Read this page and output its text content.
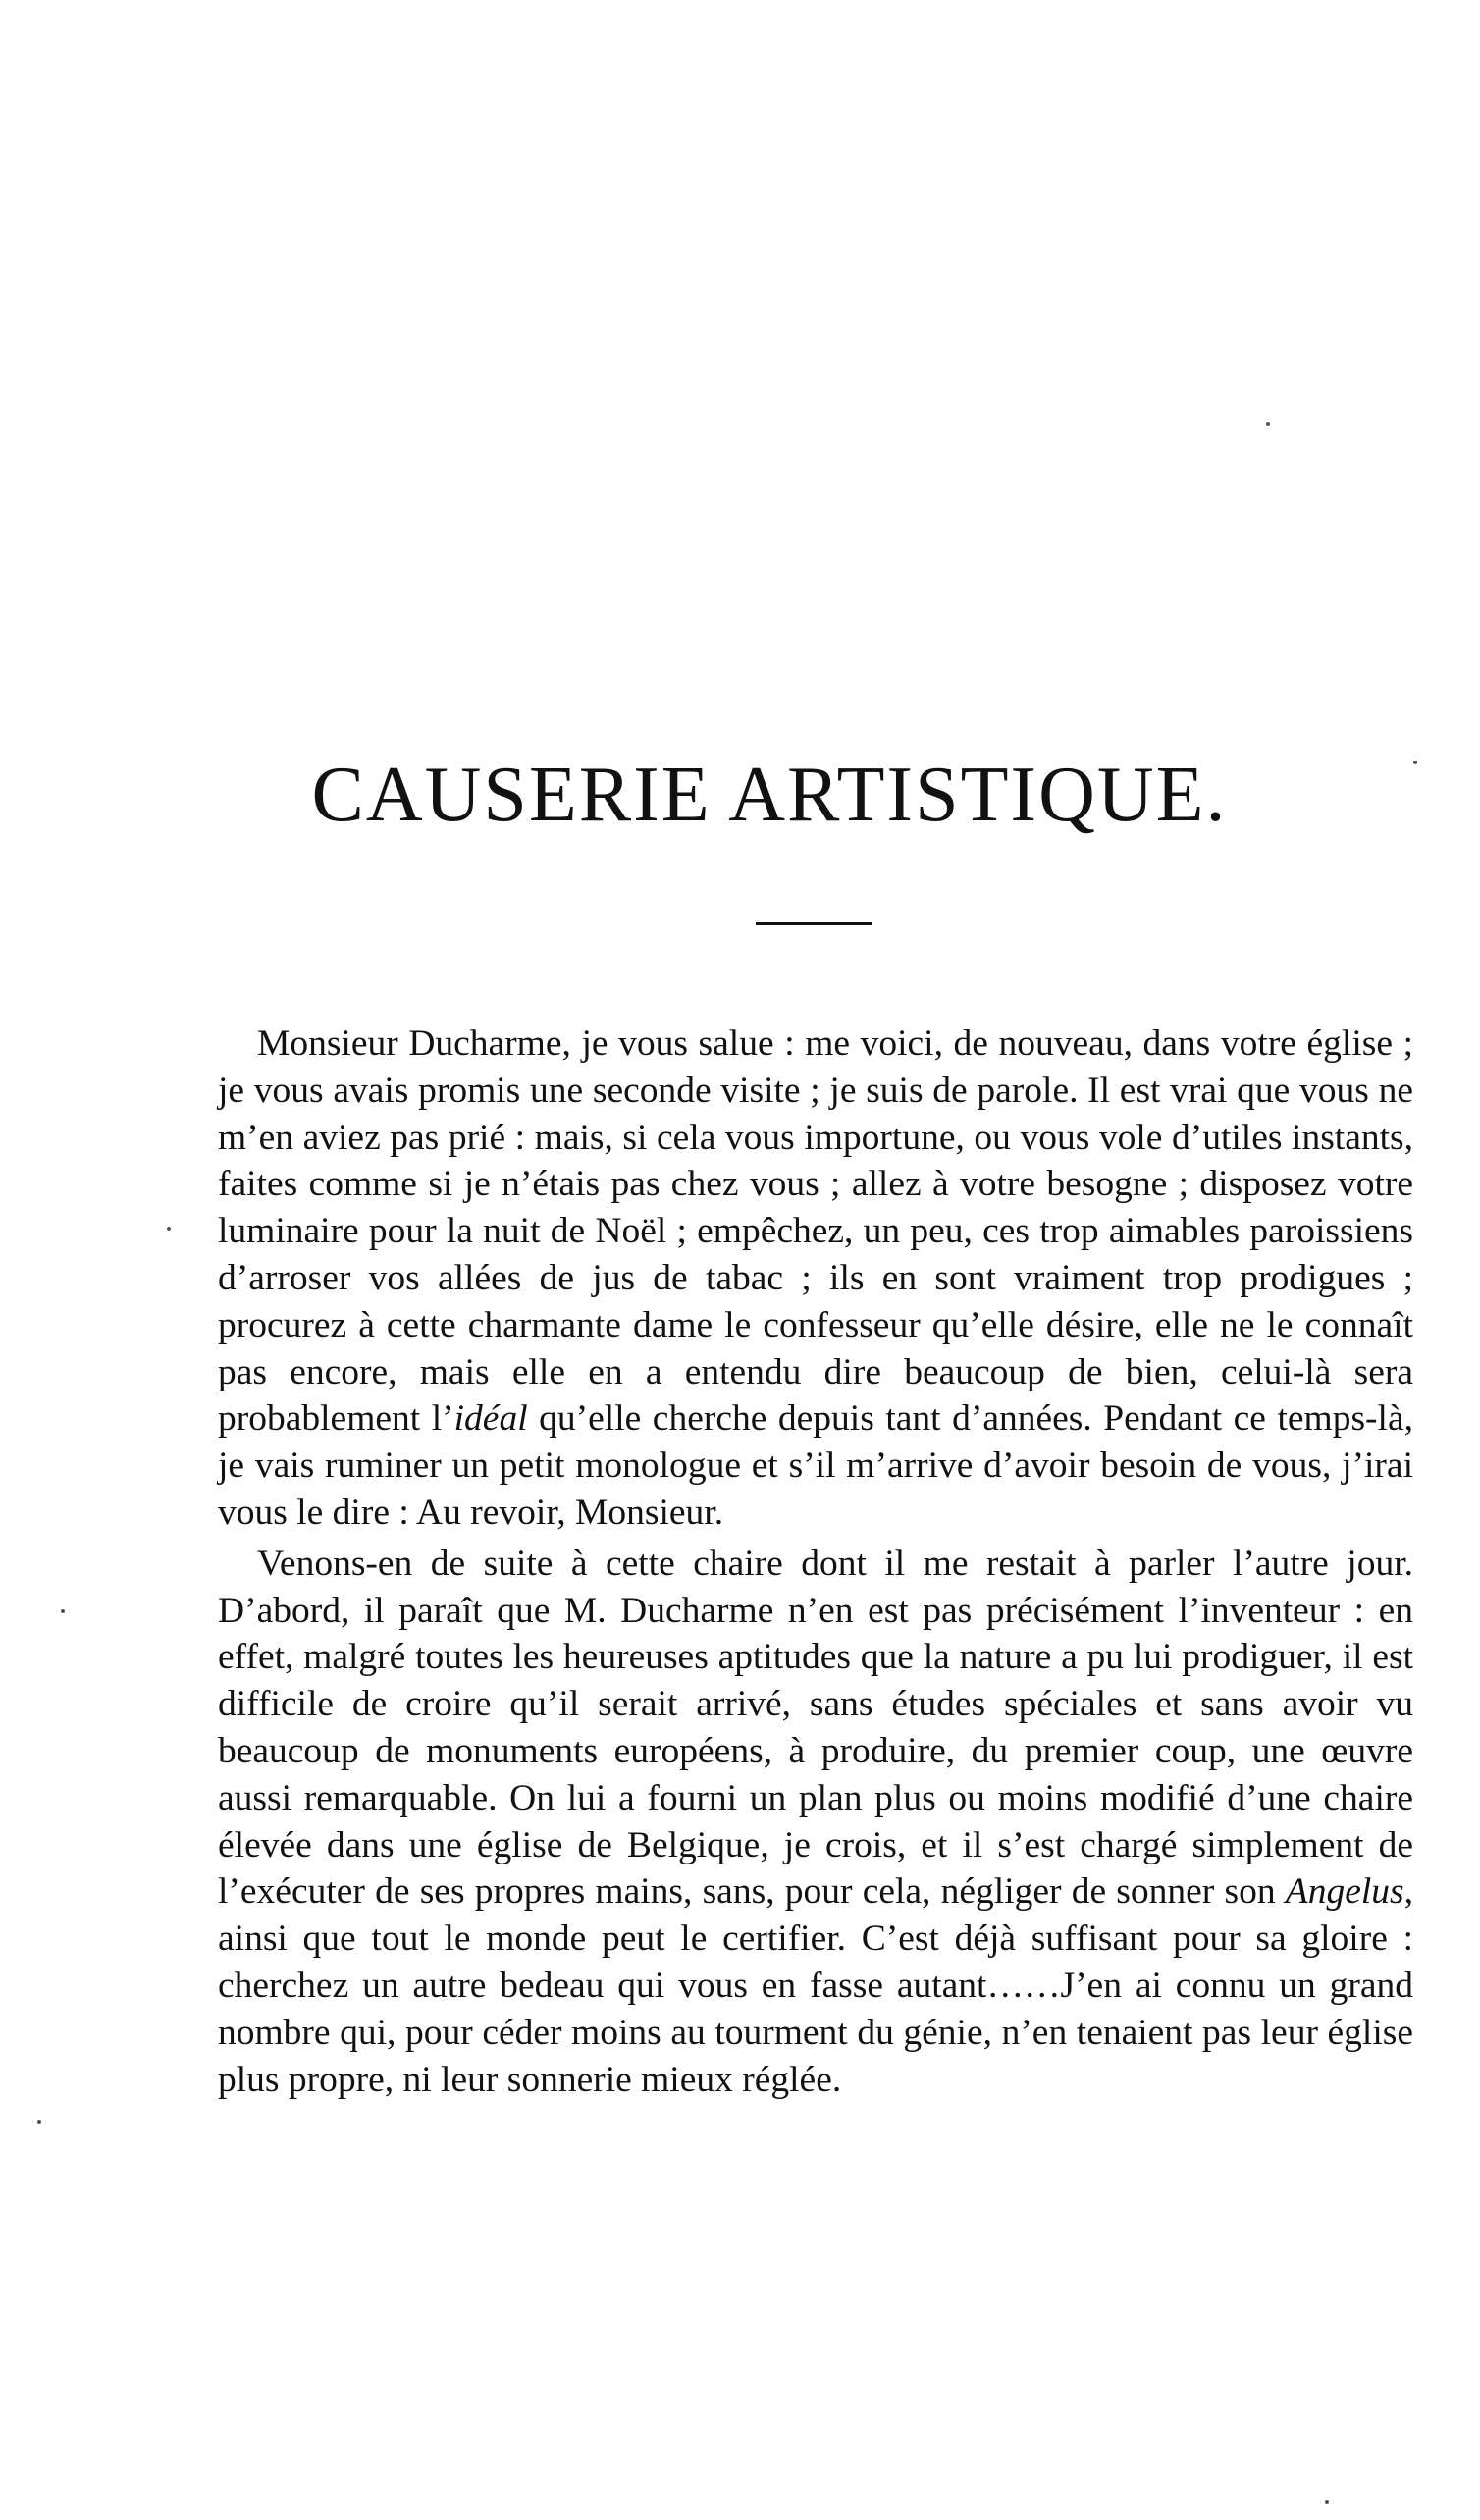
CAUSERIE ARTISTIQUE.

Monsieur Ducharme, je vous salue : me voici, de nouveau, dans votre église ; je vous avais promis une seconde visite ; je suis de parole. Il est vrai que vous ne m’en aviez pas prié : mais, si cela vous importune, ou vous vole d’utiles instants, faites comme si je n’étais pas chez vous ; allez à votre besogne ; disposez votre luminaire pour la nuit de Noël ; empêchez, un peu, ces trop aimables paroissiens d’arroser vos allées de jus de tabac ; ils en sont vraiment trop prodigues ; procurez à cette charmante dame le confesseur qu’elle désire, elle ne le connaît pas encore, mais elle en a entendu dire beaucoup de bien, celui-là sera probablement l’idéal qu’elle cherche depuis tant d’années. Pendant ce temps-là, je vais ruminer un petit monologue et s’il m’arrive d’avoir besoin de vous, j’irai vous le dire : Au revoir, Monsieur.

Venons-en de suite à cette chaire dont il me restait à parler l’autre jour. D’abord, il paraît que M. Ducharme n’en est pas précisément l’inventeur : en effet, malgré toutes les heureuses aptitudes que la nature a pu lui prodiguer, il est difficile de croire qu’il serait arrivé, sans études spéciales et sans avoir vu beaucoup de monuments européens, à produire, du premier coup, une œuvre aussi remarquable. On lui a fourni un plan plus ou moins modifié d’une chaire élevée dans une église de Belgique, je crois, et il s’est chargé simplement de l’exécuter de ses propres mains, sans, pour cela, négliger de sonner son Angelus, ainsi que tout le monde peut le certifier. C’est déjà suffisant pour sa gloire : cherchez un autre bedeau qui vous en fasse autant……J’en ai connu un grand nombre qui, pour céder moins au tourment du génie, n’en tenaient pas leur église plus propre, ni leur sonnerie mieux réglée.
